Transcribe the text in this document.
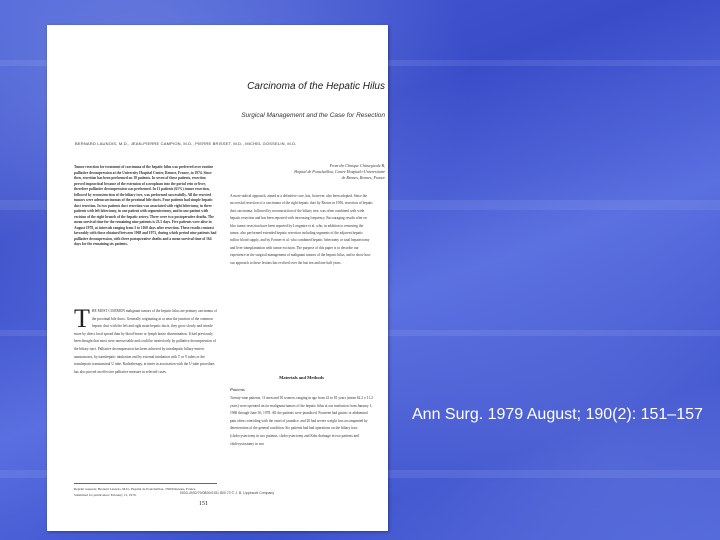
Carcinoma of the Hepatic Hilus
Surgical Management and the Case for Resection
BERNARD LAUNOIS, M.D., JEAN-PIERRE CAMPION, M.D., PIERRE BRISSET, M.D., MICHEL GOSSELIN, M.D.
From the Clinique Chirurgicale B,
Hopital de Pontchaillou, Centre Hospitalo-Universitaire
de Rennes, Rennes, France
Tumor resection for treatment of carcinoma of the hepatic hilus was preferred over routine palliative decompression at the University Hospital Center, Rennes, France, in 1974. Since then, resection has been performed on 18 patients. In seven of these patients, resection proved impractical because of the extension of a neoplasm into the portal vein or liver, therefore palliative decompression was performed. In 11 patients (61%) tumor resection, followed by reconstruction of the biliary tree, was performed successfully. All the resected tumors were adenocarcinomas of the proximal bile ducts. Four patients had simple hepatic duct resection. In two patients duct resection was associated with right lobectomy, in three patients with left lobectomy, in one patient with segmentectomy, and in one patient with excision of the right branch of the hepatic artery. There were two postoperative deaths. The mean survival time for the remaining nine patients is 23.5 days. Five patients were alive in August 1978, at intervals ranging from 5 to 1160 days after resection. These results contrast favorably with those obtained between 1968 and 1973, during which period nine patients had palliative decompression, with three postoperative deaths and a mean survival time of 164 days for the remaining six patients.
T HE MOST COMMON malignant tumors of the hepatic hilus are primary carcinoma of the proximal bile ducts. Generally originating at or near the junction of the common hepatic duct with the left and right main hepatic ducts, they grow slowly and invade more by direct local spread than by blood borne or lymph borne dissemination. It had previously been thought that most were unresectable and could be treated only by palliative decompression of the biliary tract. Palliative decompression has been achieved by intrahepatic biliary-enteric anastomoses, by transhepatic intubation and by external intubation with T or Y tubes or the transhepatic transtumoral U tube. Radiotherapy, at times in association with the U-tube procedure, has also proved an effective palliative measure in selected cases.
A more radical approach, aimed at a definitive cure, has, however, also been adopted. Since the successful resection of a carcinoma of the right hepatic duct by Brown in 1956, resection of hepatic duct carcinoma, followed by reconstruction of the biliary tree, was often combined with wide hepatic resection and has been reported with increasing frequency. Encouraging results after en bloc tumor resection have been reported by Longmire et al. who, in addition to removing the tumor, also performed extended hepatic resection including segments of the adjacent hepatic inflow blood supply, and by Fortner et al. who combined hepatic lobectomy or total hepatectomy and liver transplantation with tumor excision. The purpose of this paper is to describe our experience in the surgical management of malignant tumors of the hepatic hilus, and to show how our approach to these lesions has evolved over the last ten and one half years.
Materials and Methods
Patients
Twenty-nine patients, 11 men and 18 women, ranging in age from 41 to 81 years (mean 62.2 ± 11.2 years) were operated on for malignant tumors of the hepatic hilus at our institution from January 1, 1968 through June 30, 1978. All the patients were jaundiced. Fourteen had gastric or abdominal pain often coinciding with the onset of jaundice, and 20 had severe weight loss accompanied by deterioration of the general condition. Six patients had had operations on the biliary tract (cholecystectomy in two patients, cholecystectomy and Kehr drainage in two patients and cholecystostomy in two
Reprint requests: Bernard Launois, M.D., Hopital de Pontchaillou, 35000 Rennes, France.
Submitted for publication: February 13, 1979.	0003-4932/79/0800/0151 $00.70 © J. B. Lippincott Company
151
Ann Surg. 1979 August; 190(2): 151–157
